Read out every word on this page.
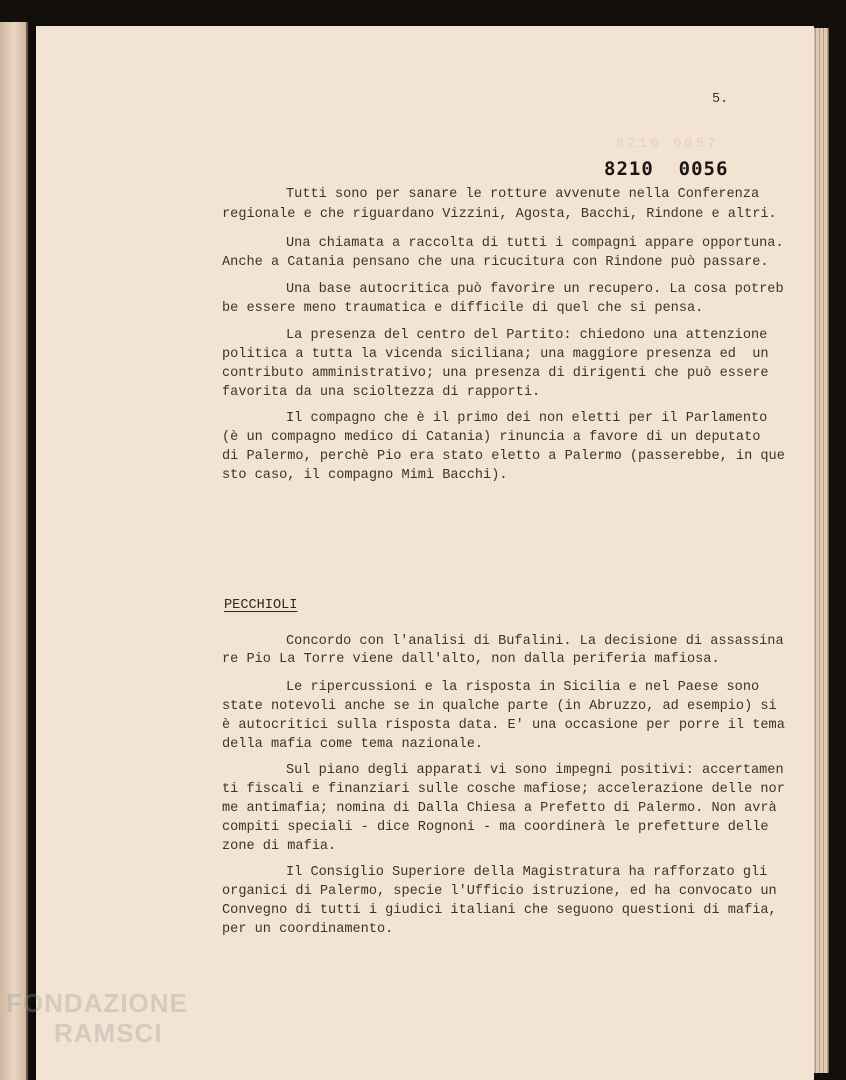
8210 0057
5.
8210  0056
Tutti sono per sanare le rotture avvenute nella Conferenza
regionale e che riguardano Vizzini, Agosta, Bacchi, Rindone e altri.
Una chiamata a raccolta di tutti i compagni appare opportuna.
Anche a Catania pensano che una ricucitura con Rindone può passare.
Una base autocritica può favorire un recupero. La cosa potreb
be essere meno traumatica e difficile di quel che si pensa.
La presenza del centro del Partito: chiedono una attenzione
politica a tutta la vicenda siciliana; una maggiore presenza ed  un
contributo amministrativo; una presenza di dirigenti che può essere
favorita da una scioltezza di rapporti.
Il compagno che è il primo dei non eletti per il Parlamento
(è un compagno medico di Catania) rinuncia a favore di un deputato
di Palermo, perchè Pio era stato eletto a Palermo (passerebbe, in que
sto caso, il compagno Mimì Bacchi).
PECCHIOLI
Concordo con l'analisi di Bufalini. La decisione di assassina
re Pio La Torre viene dall'alto, non dalla periferia mafiosa.
Le ripercussioni e la risposta in Sicilia e nel Paese sono
state notevoli anche se in qualche parte (in Abruzzo, ad esempio) si
è autocritici sulla risposta data. E' una occasione per porre il tema
della mafia come tema nazionale.
Sul piano degli apparati vi sono impegni positivi: accertamen
ti fiscali e finanziari sulle cosche mafiose; accelerazione delle nor
me antimafia; nomina di Dalla Chiesa a Prefetto di Palermo. Non avrà
compiti speciali - dice Rognoni - ma coordinerà le prefetture delle
zone di mafia.
Il Consiglio Superiore della Magistratura ha rafforzato gli
organici di Palermo, specie l'Ufficio istruzione, ed ha convocato un
Convegno di tutti i giudici italiani che seguono questioni di mafia,
per un coordinamento.
FONDAZIONE
RAMSCI
